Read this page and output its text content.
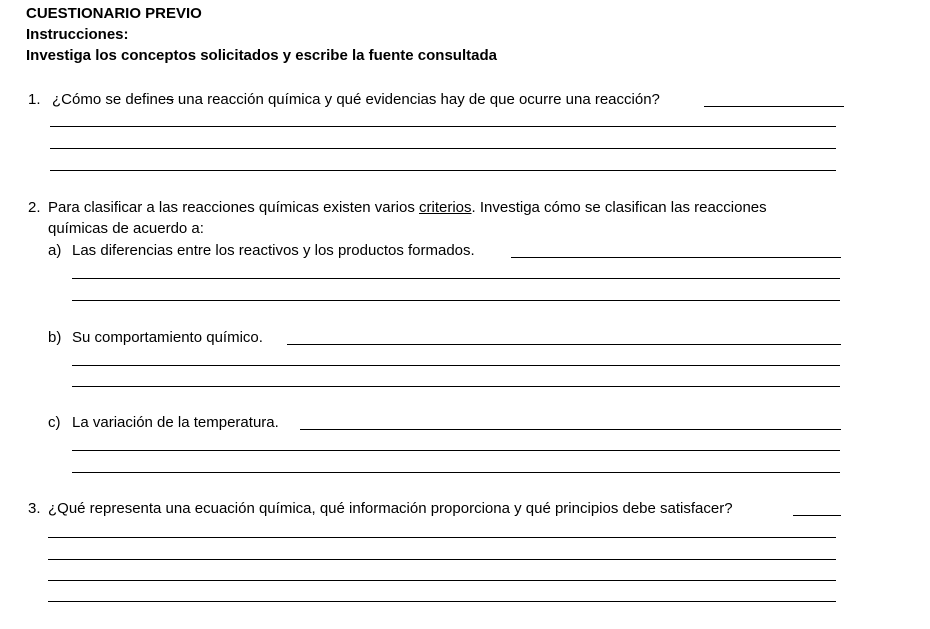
CUESTIONARIO PREVIO
Instrucciones:
Investiga los conceptos solicitados y escribe la fuente consultada
1. ¿Cómo se defines una reacción química y qué evidencias hay de que ocurre una reacción?
2. Para clasificar a las reacciones químicas existen varios criterios. Investiga cómo se clasifican las reacciones
químicas de acuerdo a:
a) Las diferencias entre los reactivos y los productos formados.
b) Su comportamiento químico.
c) La variación de la temperatura.
3. ¿Qué representa una ecuación química, qué información proporciona y qué principios debe satisfacer?
